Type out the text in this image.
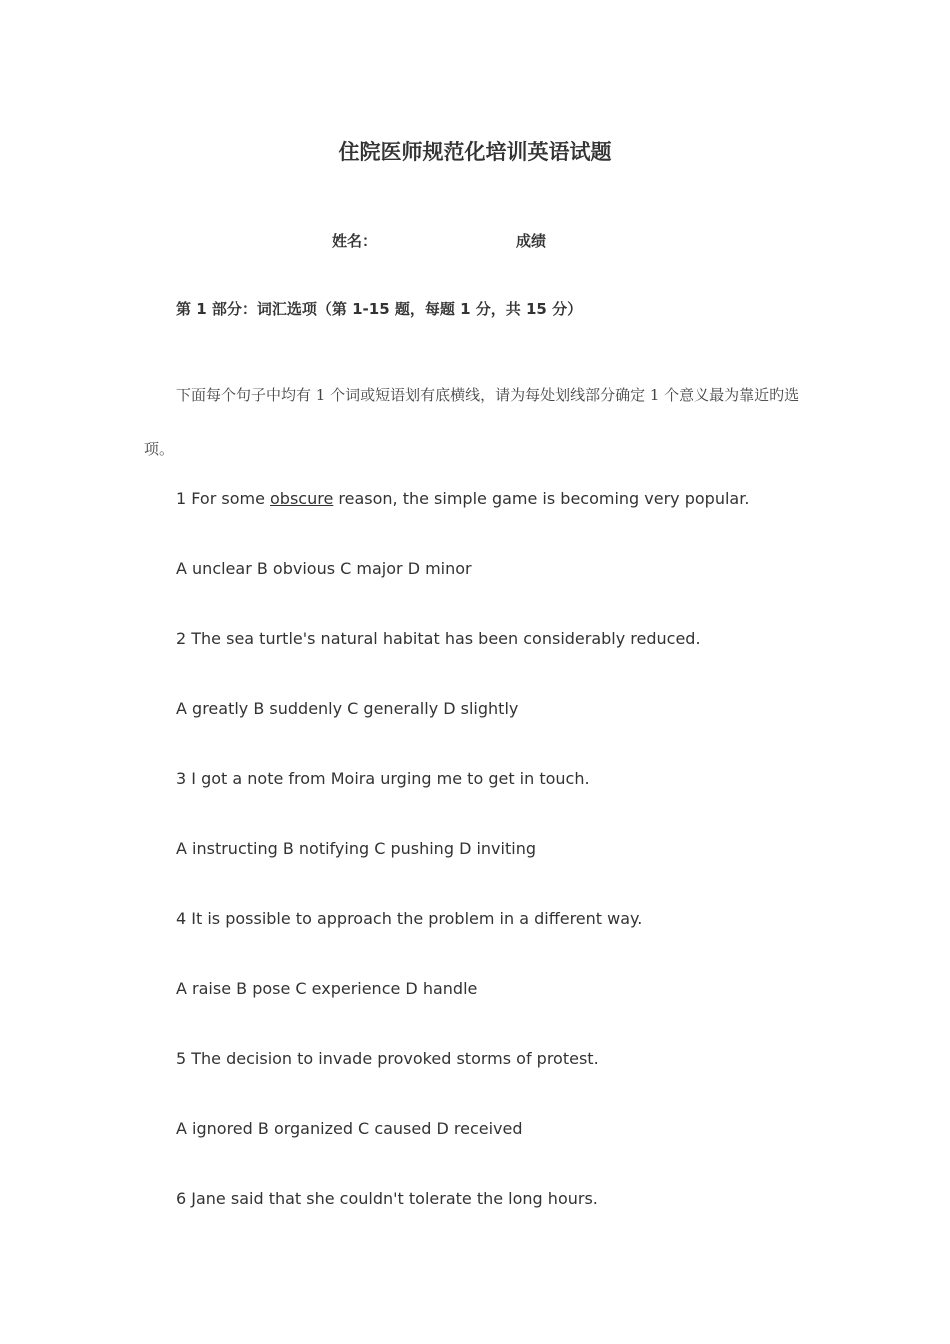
住院医师规范化培训英语试题
姓名：	成绩
第 1 部分：词汇选项（第 1-15 题，每题 1 分，共 15 分）

下面每个句子中均有 1 个词或短语划有底横线，请为每处划线部分确定 1 个意义最为靠近旳选项。

1 For some obscure reason, the simple game is becoming very popular.
A unclear B obvious C major D minor
2 The sea turtle's natural habitat has been considerably reduced.
A greatly B suddenly C generally D slightly
3 I got a note from Moira urging me to get in touch.
A instructing B notifying C pushing D inviting
4 It is possible to approach the problem in a different way.
A raise B pose C experience D handle
5 The decision to invade provoked storms of protest.
A ignored B organized C caused D received
6 Jane said that she couldn't tolerate the long hours.
